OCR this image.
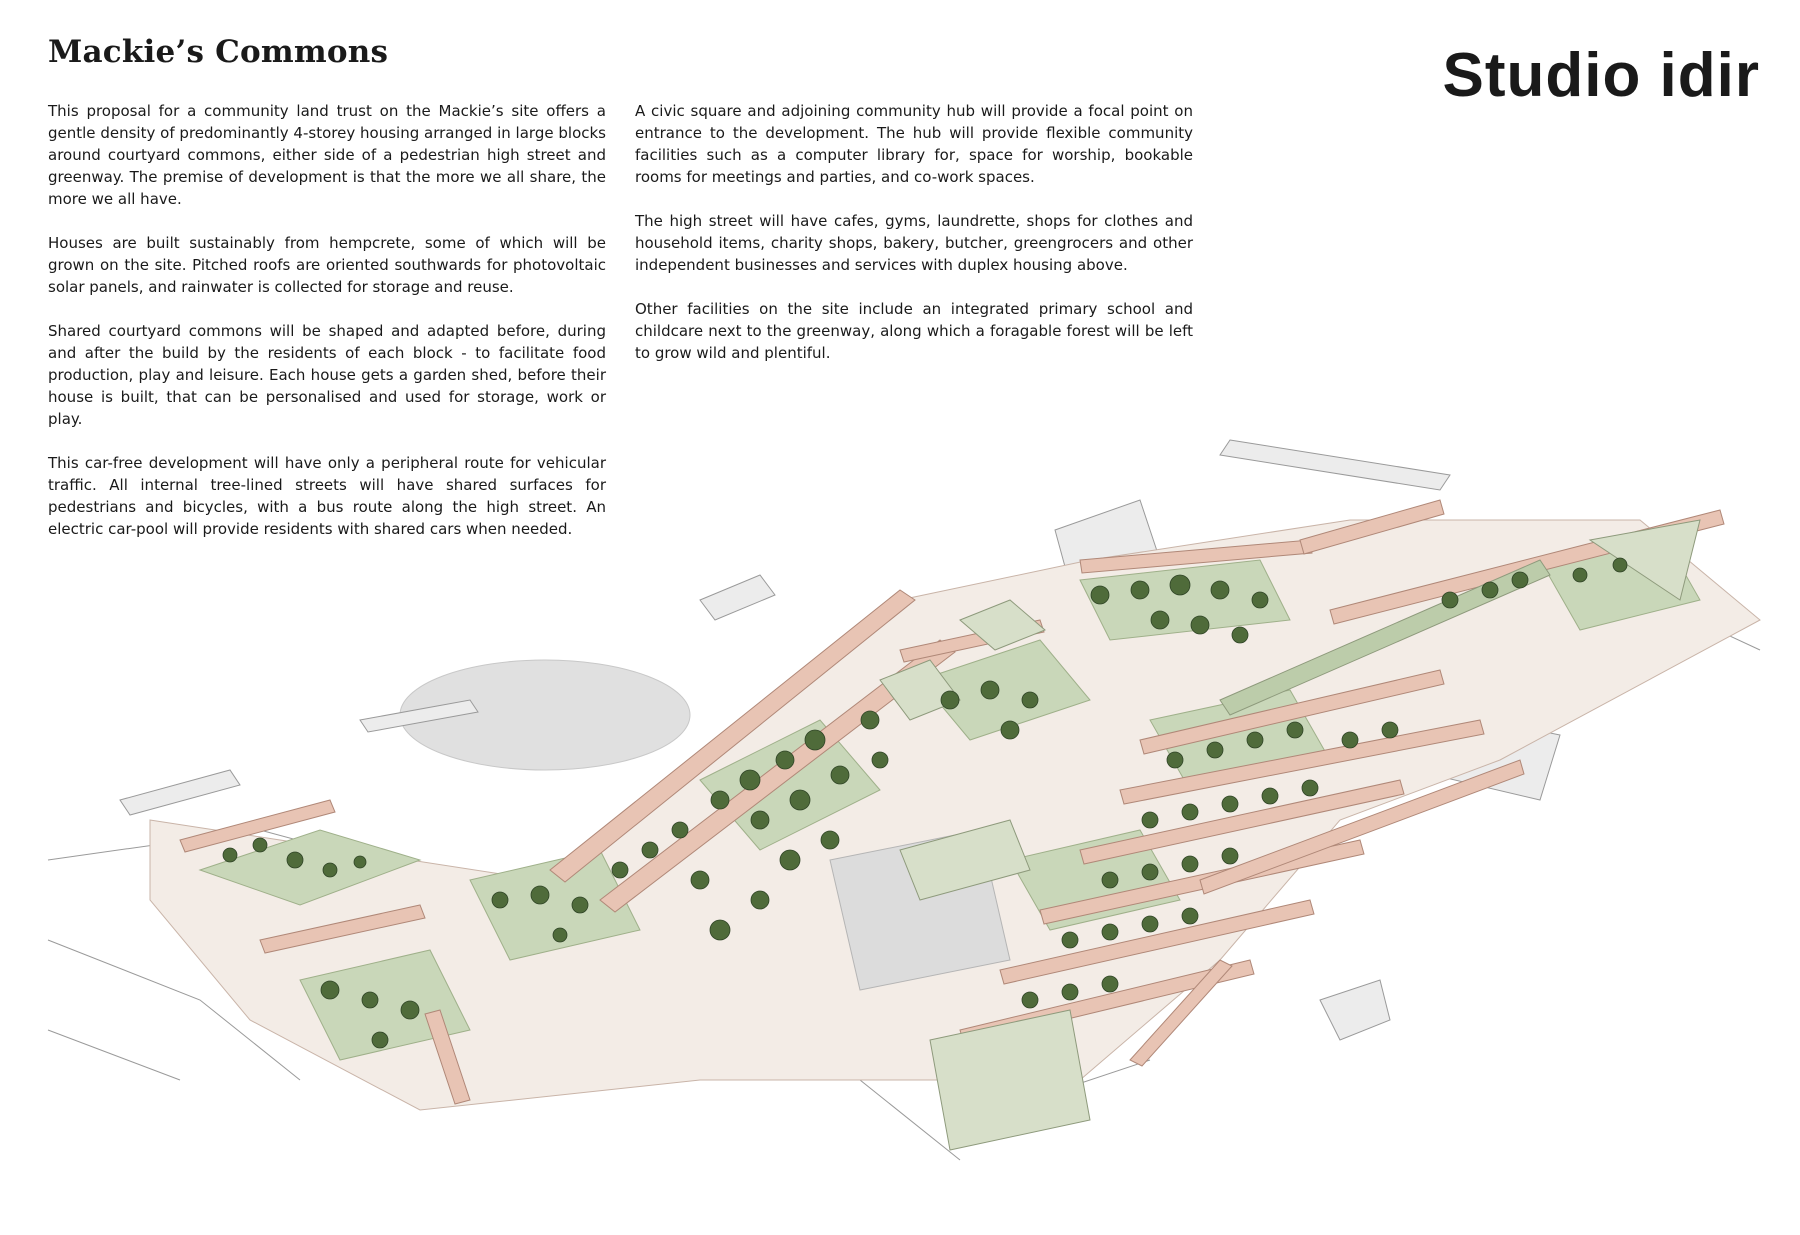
Mackie’s Commons	Studio idir

This proposal for a community land trust on the Mackie’s site offers a gentle density of predominantly 4-storey housing arranged in large blocks around courtyard commons, either side of a pedestrian high street and greenway. The premise of development is that the more we all share, the more we all have.

Houses are built sustainably from hempcrete, some of which will be grown on the site. Pitched roofs are oriented southwards for photovoltaic solar panels, and rainwater is collected for storage and reuse.

Shared courtyard commons will be shaped and adapted before, during and after the build by the residents of each block - to facilitate food production, play and leisure. Each house gets a garden shed, before their house is built, that can be personalised and used for storage, work or play.

This car-free development will have only a peripheral route for vehicular traffic. All internal tree-lined streets will have shared surfaces for pedestrians and bicycles, with a bus route along the high street. An electric car-pool will provide residents with shared cars when needed.

A civic square and adjoining community hub will provide a focal point on entrance to the development. The hub will provide flexible community facilities such as a computer library for, space for worship, bookable rooms for meetings and parties, and co-work spaces.

The high street will have cafes, gyms, laundrette, shops for clothes and household items, charity shops, bakery, butcher, greengrocers and other independent businesses and services with duplex housing above.

Other facilities on the site include an integrated primary school and childcare next to the greenway, along which a foragable forest will be left to grow wild and plentiful.
